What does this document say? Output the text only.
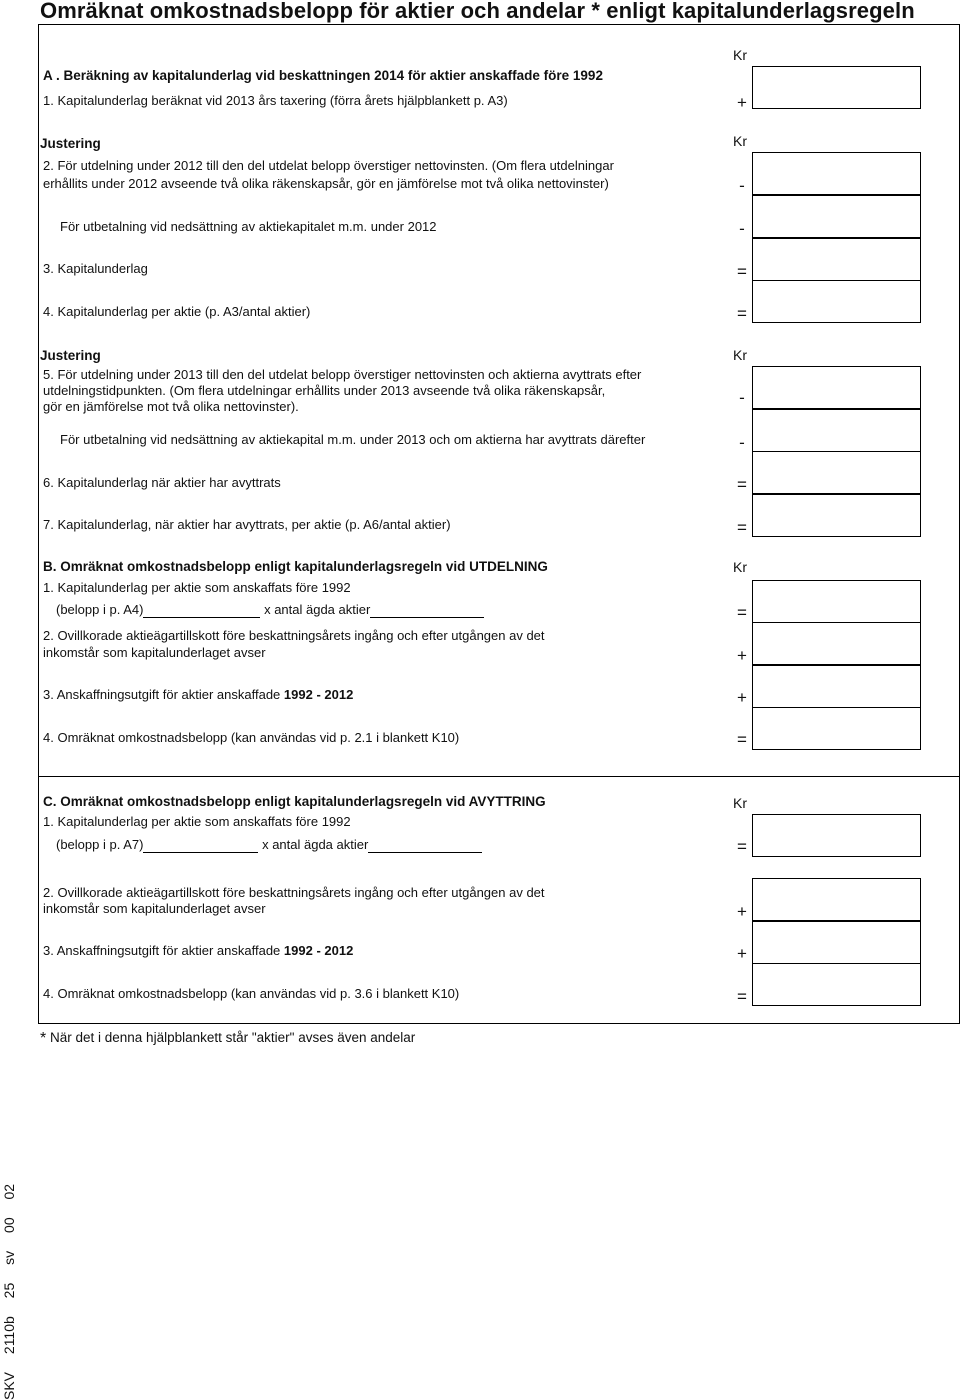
Omräknat omkostnadsbelopp för aktier och andelar * enligt kapitalunderlagsregeln
Kr
A . Beräkning av kapitalunderlag vid beskattningen 2014 för aktier anskaffade före 1992
1. Kapitalunderlag beräknat vid 2013 års taxering (förra årets hjälpblankett p. A3)	+
Justering	Kr
2. För utdelning under 2012 till den del utdelat belopp överstiger nettovinsten. (Om flera utdelningar
erhållits under 2012 avseende två olika räkenskapsår, gör en jämförelse mot två olika nettovinster)	-
För utbetalning vid nedsättning av aktiekapitalet m.m. under 2012	-
3. Kapitalunderlag	=
4. Kapitalunderlag per aktie (p. A3/antal aktier)	=
Justering	Kr
5. För utdelning under 2013 till den del utdelat belopp överstiger nettovinsten och aktierna avyttrats efter
utdelningstidpunkten. (Om flera utdelningar erhållits under 2013 avseende två olika räkenskapsår,
gör en jämförelse mot två olika nettovinster).	-
För utbetalning vid nedsättning av aktiekapital m.m. under 2013 och om aktierna har avyttrats därefter	-
6. Kapitalunderlag när aktier har avyttrats	=
7. Kapitalunderlag, när aktier har avyttrats, per aktie (p. A6/antal aktier)	=
B. Omräknat omkostnadsbelopp enligt kapitalunderlagsregeln vid UTDELNING	Kr
1. Kapitalunderlag per aktie som anskaffats före 1992
(belopp i p. A4)	x antal ägda aktier	=
2. Ovillkorade aktieägartillskott före beskattningsårets ingång och efter utgången av det
inkomstår som kapitalunderlaget avser	+
3. Anskaffningsutgift för aktier anskaffade 1992 - 2012	+
4. Omräknat omkostnadsbelopp (kan användas vid p. 2.1 i blankett K10)	=
C. Omräknat omkostnadsbelopp enligt kapitalunderlagsregeln vid AVYTTRING	Kr
1. Kapitalunderlag per aktie som anskaffats före 1992
(belopp i p. A7)	x antal ägda aktier	=
2. Ovillkorade aktieägartillskott före beskattningsårets ingång och efter utgången av det
inkomstår som kapitalunderlaget avser	+
3. Anskaffningsutgift för aktier anskaffade 1992 - 2012	+
4. Omräknat omkostnadsbelopp (kan användas vid p. 3.6 i blankett K10)	=
* När det i denna hjälpblankett står "aktier" avses även andelar
SKV 2110b 25 sv 00 02
